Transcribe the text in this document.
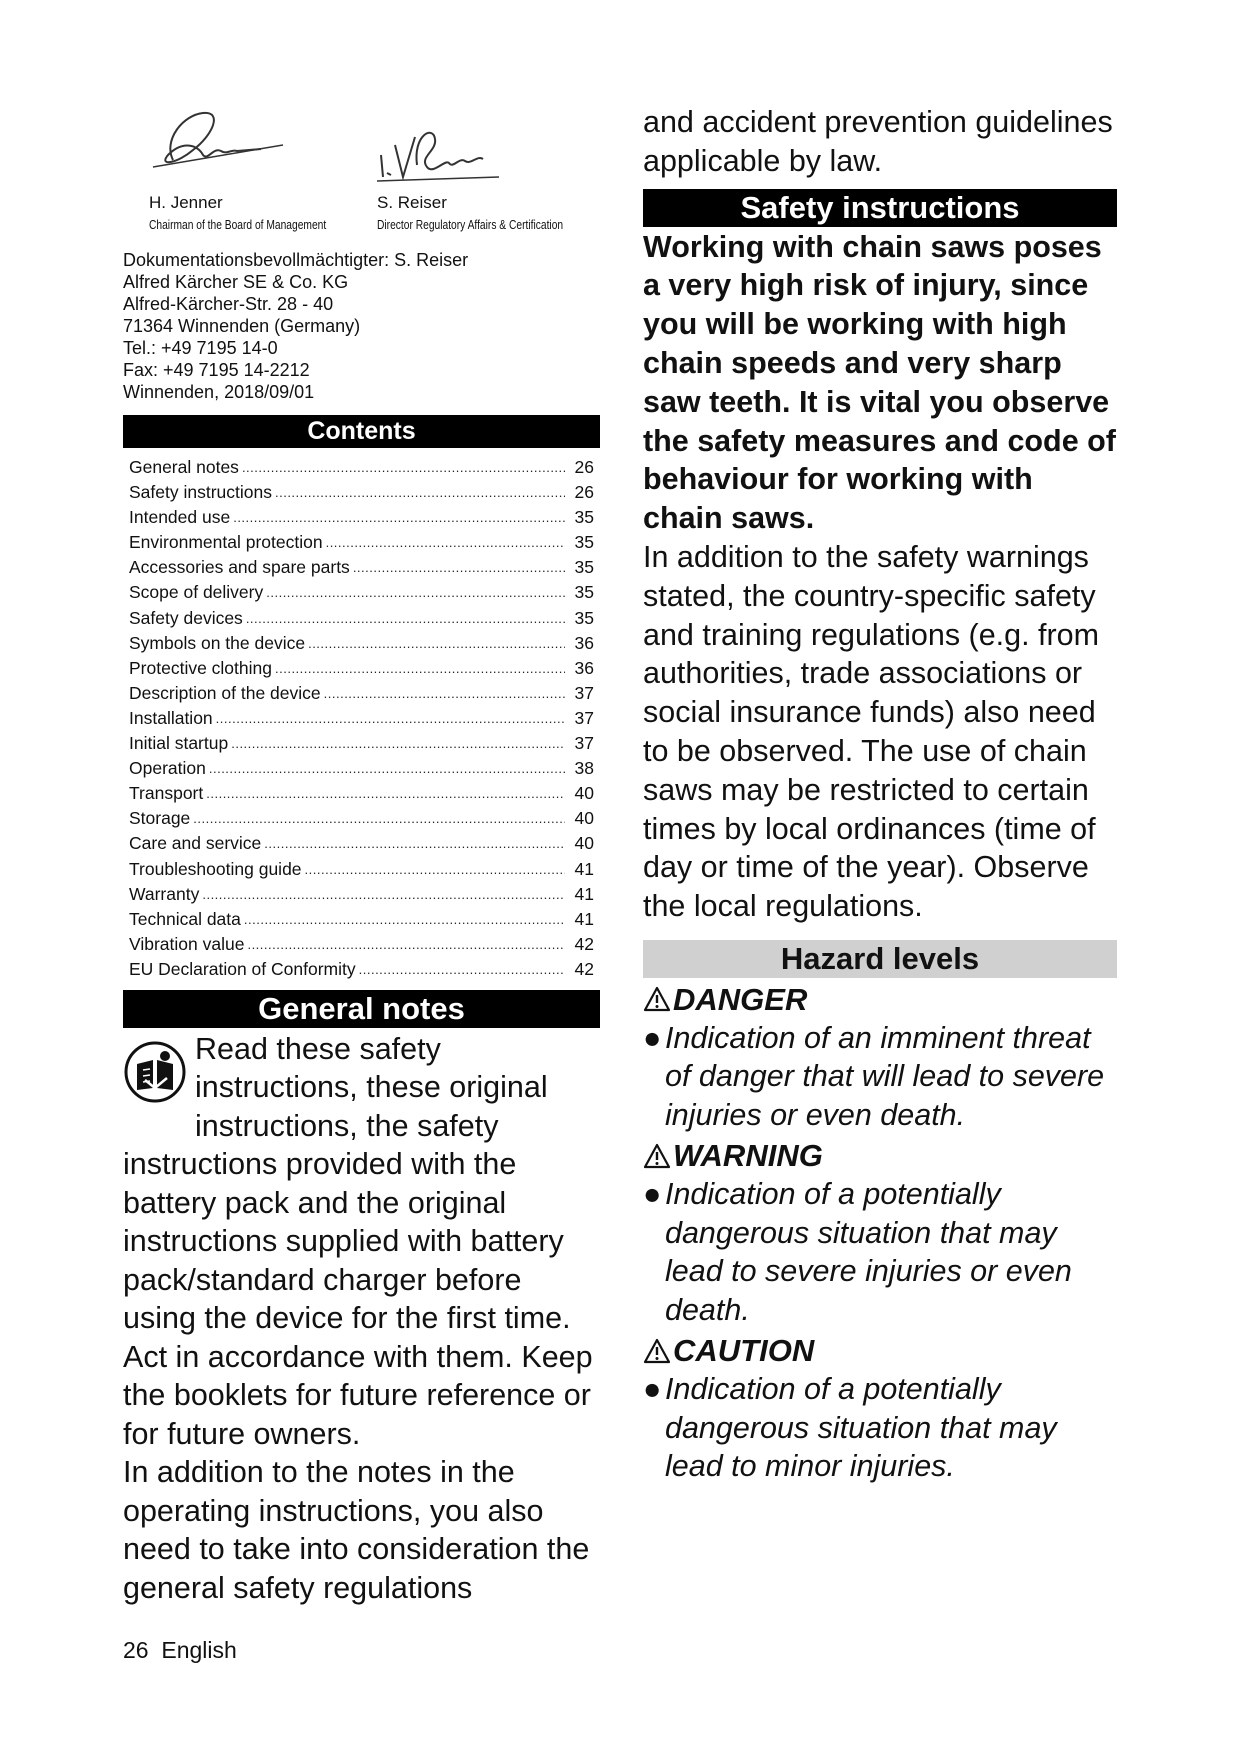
H. Jenner
Chairman of the Board of Management
S. Reiser
Director Regulatory Affairs & Certification
Dokumentationsbevollmächtigter: S. Reiser
Alfred Kärcher SE & Co. KG
Alfred-Kärcher-Str. 28 - 40
71364 Winnenden (Germany)
Tel.: +49 7195 14-0
Fax: +49 7195 14-2212
Winnenden, 2018/09/01
Contents
General notes .....	26
Safety instructions .....	26
Intended use .....	35
Environmental protection .....	35
Accessories and spare parts .....	35
Scope of delivery .....	35
Safety devices .....	35
Symbols on the device .....	36
Protective clothing .....	36
Description of the device .....	37
Installation .....	37
Initial startup .....	37
Operation .....	38
Transport .....	40
Storage .....	40
Care and service .....	40
Troubleshooting guide .....	41
Warranty .....	41
Technical data .....	41
Vibration value .....	42
EU Declaration of Conformity .....	42
General notes

Read these safety instructions, these original instructions, the safety instructions provided with the battery pack and the original instructions supplied with battery pack/standard charger before using the device for the first time. Act in accordance with them. Keep the booklets for future reference or for future owners.

In addition to the notes in the operating instructions, you also need to take into consideration the general safety regulations

and accident prevention guidelines applicable by law.

Safety instructions
Working with chain saws poses a very high risk of injury, since you will be working with high chain speeds and very sharp saw teeth. It is vital you observe the safety measures and code of behaviour for working with chain saws.

In addition to the safety warnings stated, the country-specific safety and training regulations (e.g. from authorities, trade associations or social insurance funds) also need to be observed. The use of chain saws may be restricted to certain times by local ordinances (time of day or time of the year). Observe the local regulations.

Hazard levels
DANGER
● Indication of an imminent threat of danger that will lead to severe injuries or even death.
WARNING
● Indication of a potentially dangerous situation that may lead to severe injuries or even death.
CAUTION
● Indication of a potentially dangerous situation that may lead to minor injuries.
26 English
